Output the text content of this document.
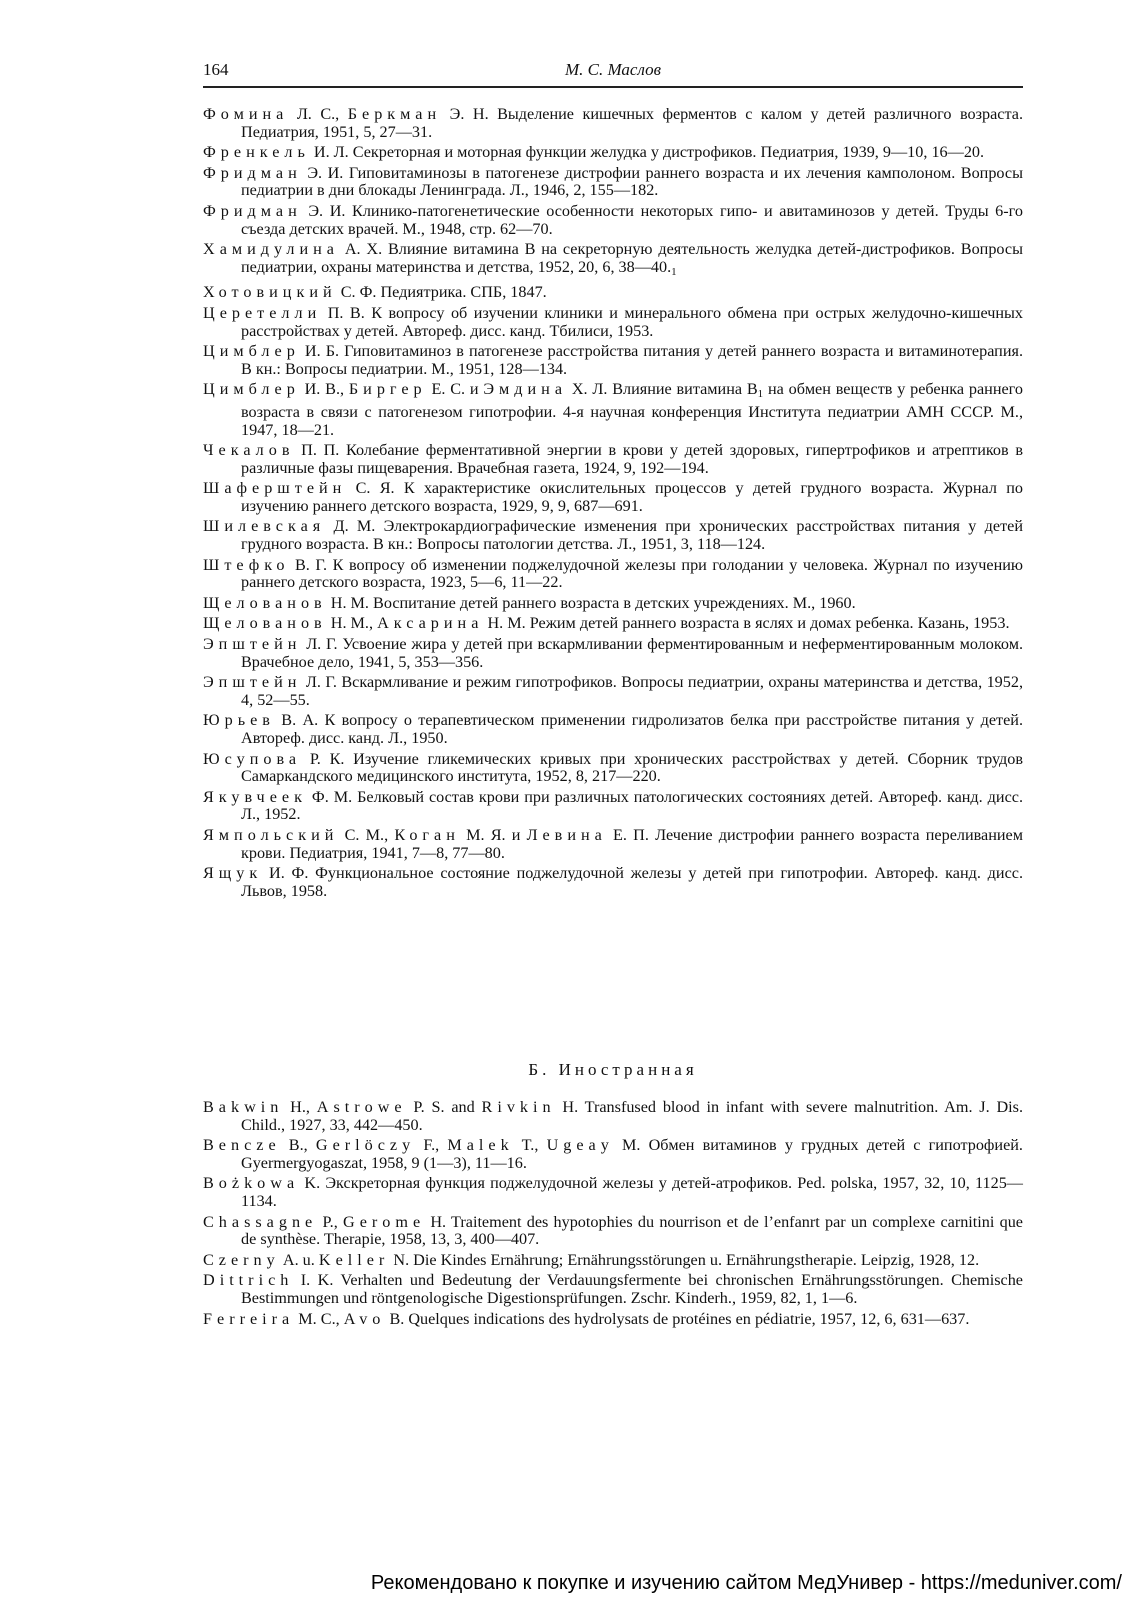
164	М. С. Маслов
Фомина Л. С., Беркман Э. Н. Выделение кишечных ферментов с калом у детей различного возраста. Педиатрия, 1951, 5, 27—31.
Френкель И. Л. Секреторная и моторная функции желудка у дистрофиков. Педиатрия, 1939, 9—10, 16—20.
Фридман Э. И. Гиповитаминозы в патогенезе дистрофии раннего возраста и их лечения камполоном. Вопросы педиатрии в дни блокады Ленинграда. Л., 1946, 2, 155—182.
Фридман Э. И. Клинико-патогенетические особенности некоторых гипо- и авитаминозов у детей. Труды 6-го съезда детских врачей. М., 1948, стр. 62—70.
Хамидулина А. Х. Влияние витамина B на секреторную деятельность желудка детей-дистрофиков. Вопросы педиатрии, охраны материнства и детства, 1952, 20, 6, $38—40._1$
Хотовицкий С. Ф. Педиятрика. СПБ, 1847.
Церетелли П. В. К вопросу об изучении клиники и минерального обмена при острых желудочно-кишечных расстройствах у детей. Автореф. дисс. канд. Тбилиси, 1953.
Цимблер И. Б. Гиповитаминоз в патогенезе расстройства питания у детей раннего возраста и витаминотерапия. В кн.: Вопросы педиатрии. М., 1951, 128—134.
Цимблер И. В., Биргер Е. С. и Эмдина Х. Л. Влияние витамина $B_1$ на обмен веществ у ребенка раннего возраста в связи с патогенезом гипотрофии. 4-я научная конференция Института педиатрии АМН СССР. М., 1947, 18—21.
Чекалов П. П. Колебание ферментативной энергии в крови у детей здоровых, гипертрофиков и атрептиков в различные фазы пищеварения. Врачебная газета, 1924, 9, 192—194.
Шаферштейн С. Я. К характеристике окислительных процессов у детей грудного возраста. Журнал по изучению раннего детского возраста, 1929, 9, 9, 687—691.
Шилевская Д. М. Электрокардиографические изменения при хронических расстройствах питания у детей грудного возраста. В кн.: Вопросы патологии детства. Л., 1951, 3, 118—124.
Штефко В. Г. К вопросу об изменении поджелудочной железы при голодании у человека. Журнал по изучению раннего детского возраста, 1923, 5—6, 11—22.
Щелованов Н. М. Воспитание детей раннего возраста в детских учреждениях. М., 1960.
Щелованов Н. М., Аксарина Н. М. Режим детей раннего возраста в яслях и домах ребенка. Казань, 1953.
Эпштейн Л. Г. Усвоение жира у детей при вскармливании ферментированным и неферментированным молоком. Врачебное дело, 1941, 5, 353—356.
Эпштейн Л. Г. Вскармливание и режим гипотрофиков. Вопросы педиатрии, охраны материнства и детства, 1952, 4, 52—55.
Юрьев В. А. К вопросу о терапевтическом применении гидролизатов белка при расстройстве питания у детей. Автореф. дисс. канд. Л., 1950.
Юсупова Р. К. Изучение гликемических кривых при хронических расстройствах у детей. Сборник трудов Самаркандского медицинского института, 1952, 8, 217—220.
Якувчеек Ф. М. Белковый состав крови при различных патологических состояниях детей. Автореф. канд. дисс. Л., 1952.
Ямпольский С. М., Коган М. Я. и Левина Е. П. Лечение дистрофии раннего возраста переливанием крови. Педиатрия, 1941, 7—8, 77—80.
Ящук И. Ф. Функциональное состояние поджелудочной железы у детей при гипотрофии. Автореф. канд. дисс. Львов, 1958.
Б. Иностранная
Bakwin H., Astrowe P. S. and Rivkin H. Transfused blood in infant with severe malnutrition. Am. J. Dis. Child., 1927, 33, 442—450.
Bencze B., Gerlöczy F., Malek T., Ugeay M. Обмен витаминов у грудных детей с гипотрофией. Gyermergyogaszat, 1958, 9 (1—3), 11—16.
Bożkowa K. Экскреторная функция поджелудочной железы у детей-атрофиков. Ped. polska, 1957, 32, 10, 1125—1134.
Chassagne P., Gerome H. Traitement des hypotophies du nourrison et de l’enfanrt par un complexe carnitini que de synthèse. Therapie, 1958, 13, 3, 400—407.
Czerny A. u. Keller N. Die Kindes Ernährung; Ernährungsstörungen u. Ernährungstherapie. Leipzig, 1928, 12.
Dittrich I. K. Verhalten und Bedeutung der Verdauungsfermente bei chronischen Ernährungsstörungen. Chemische Bestimmungen und röntgenologische Digestionsprüfungen. Zschr. Kinderh., 1959, 82, 1, 1—6.
Ferreira M. C., Avo B. Quelques indications des hydrolysats de protéines en pédiatrie, 1957, 12, 6, 631—637.
Рекомендовано к покупке и изучению сайтом МедУнивер - https://meduniver.com/
